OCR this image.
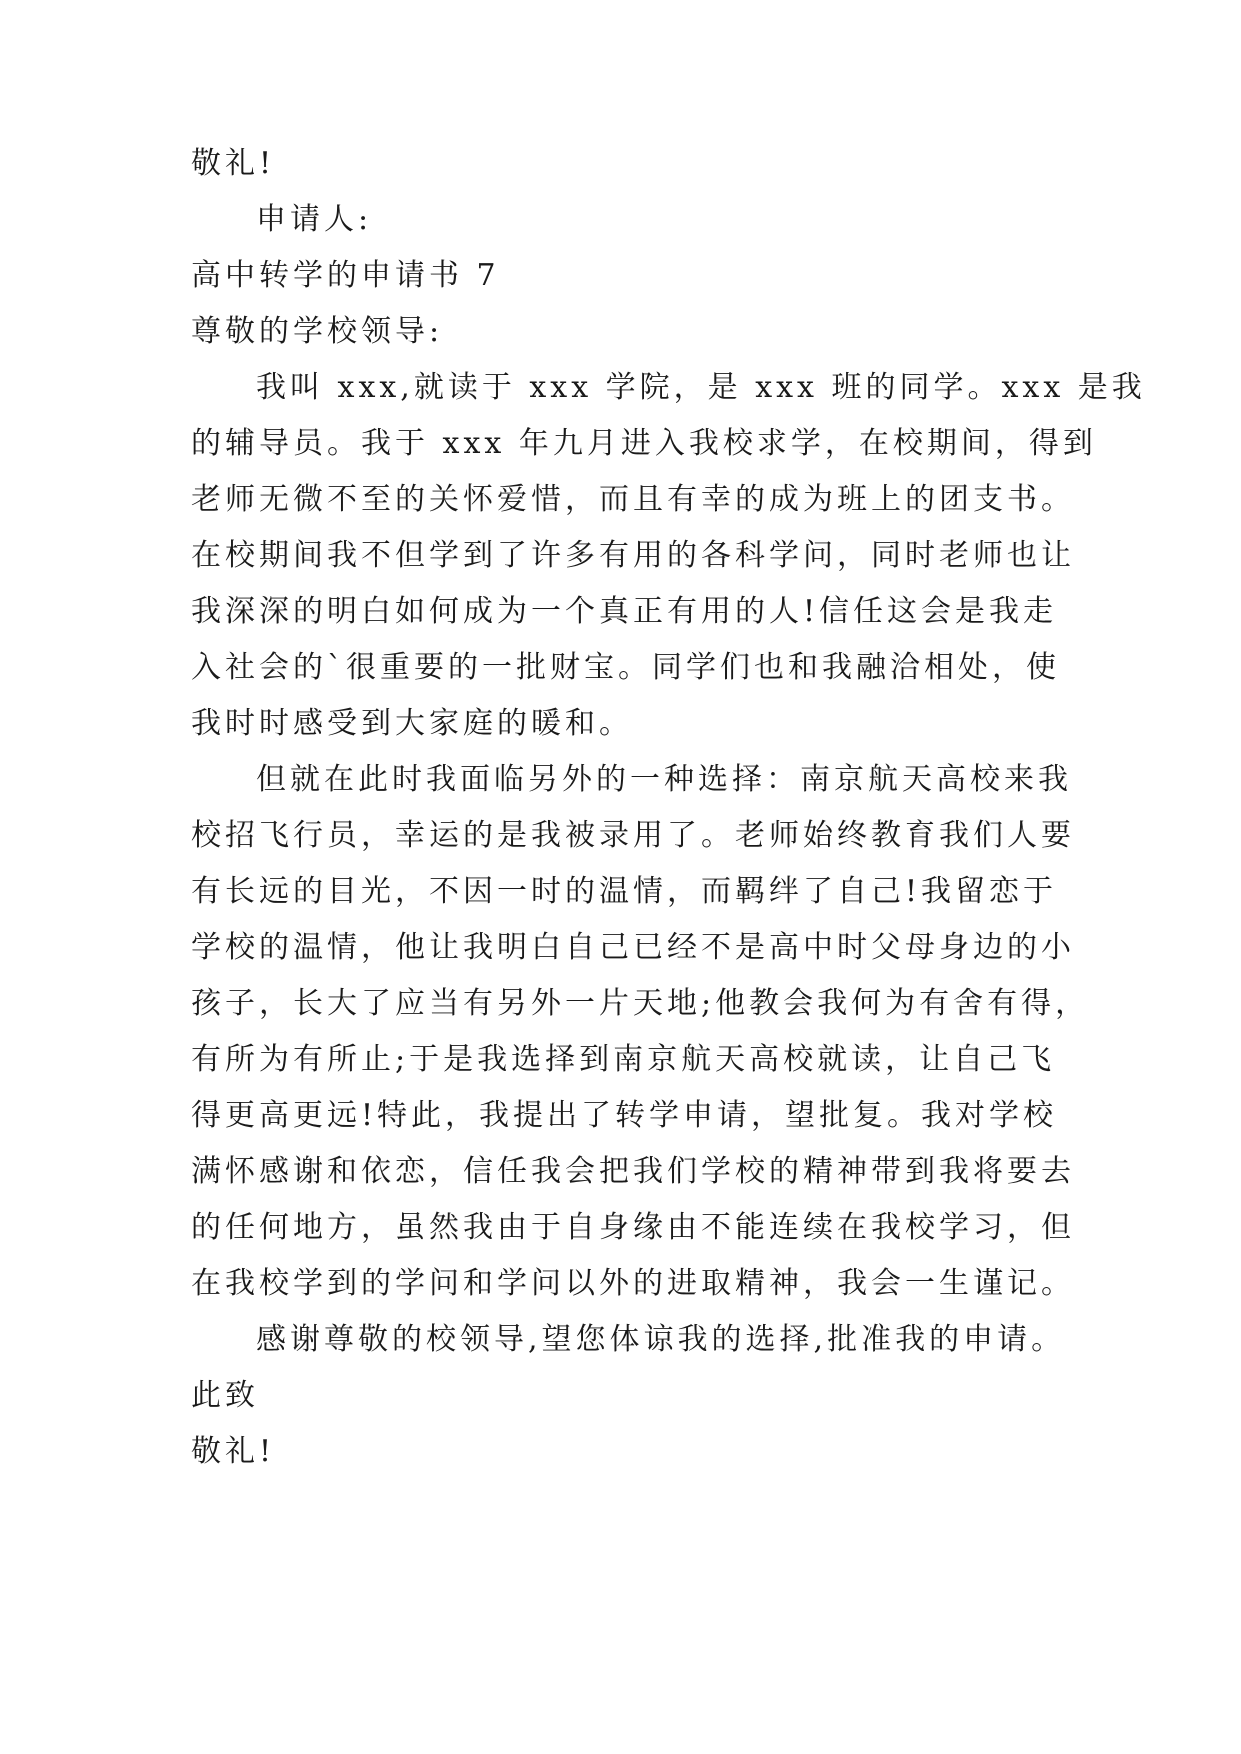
敬礼!
申请人:
高中转学的申请书 7
尊敬的学校领导:
我叫 xxx,就读于 xxx 学院，是 xxx 班的同学。xxx 是我
的辅导员。我于 xxx 年九月进入我校求学，在校期间，得到
老师无微不至的关怀爱惜，而且有幸的成为班上的团支书。
在校期间我不但学到了许多有用的各科学问，同时老师也让
我深深的明白如何成为一个真正有用的人!信任这会是我走
入社会的`很重要的一批财宝。同学们也和我融洽相处，使
我时时感受到大家庭的暖和。
但就在此时我面临另外的一种选择：南京航天高校来我
校招飞行员，幸运的是我被录用了。老师始终教育我们人要
有长远的目光，不因一时的温情，而羁绊了自己!我留恋于
学校的温情，他让我明白自己已经不是高中时父母身边的小
孩子，长大了应当有另外一片天地;他教会我何为有舍有得，
有所为有所止;于是我选择到南京航天高校就读，让自己飞
得更高更远!特此，我提出了转学申请，望批复。我对学校
满怀感谢和依恋，信任我会把我们学校的精神带到我将要去
的任何地方，虽然我由于自身缘由不能连续在我校学习，但
在我校学到的学问和学问以外的进取精神，我会一生谨记。
感谢尊敬的校领导,望您体谅我的选择,批准我的申请。
此致
敬礼!
